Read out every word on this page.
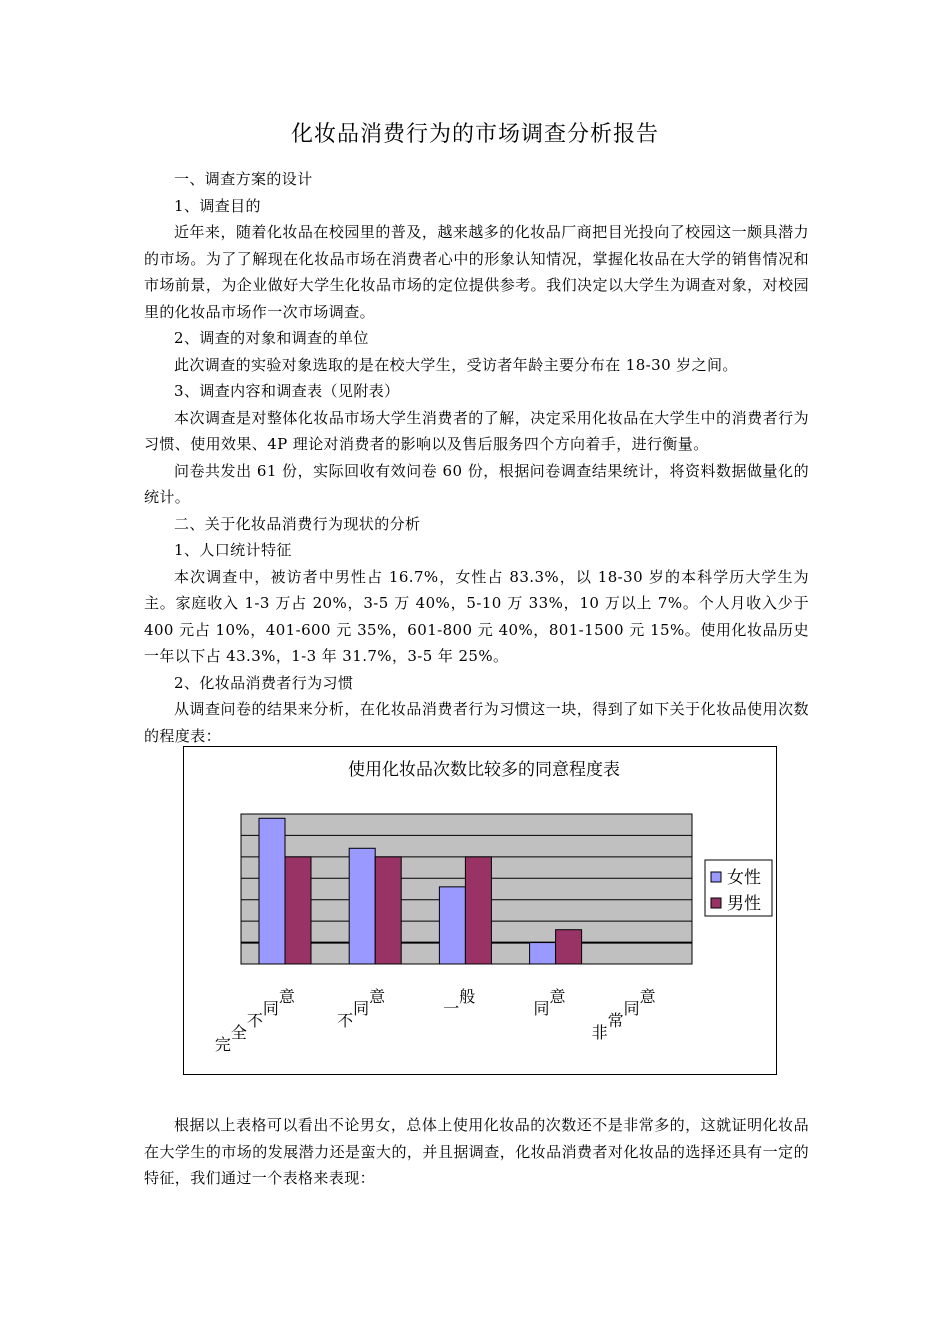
化妆品消费行为的市场调查分析报告

一、调查方案的设计

1、调查目的

近年来，随着化妆品在校园里的普及，越来越多的化妆品厂商把目光投向了校园这一颇具潜力的市场。为了了解现在化妆品市场在消费者心中的形象认知情况，掌握化妆品在大学的销售情况和市场前景，为企业做好大学生化妆品市场的定位提供参考。我们决定以大学生为调查对象，对校园里的化妆品市场作一次市场调查。

2、调查的对象和调查的单位

此次调查的实验对象选取的是在校大学生，受访者年龄主要分布在 18-30 岁之间。

3、调查内容和调查表（见附表）

本次调查是对整体化妆品市场大学生消费者的了解，决定采用化妆品在大学生中的消费者行为习惯、使用效果、4P 理论对消费者的影响以及售后服务四个方向着手，进行衡量。

问卷共发出 61 份，实际回收有效问卷 60 份，根据问卷调查结果统计，将资料数据做量化的统计。

二、关于化妆品消费行为现状的分析

1、人口统计特征

本次调查中，被访者中男性占 16.7%，女性占 83.3%，以 18-30 岁的本科学历大学生为主。家庭收入 1-3 万占 20%，3-5 万 40%，5-10 万 33%，10 万以上 7%。个人月收入少于 400 元占 10%，401-600 元 35%，601-800 元 40%，801-1500 元 15%。使用化妆品历史一年以下占 43.3%，1-3 年 31.7%，3-5 年 25%。

2、化妆品消费者行为习惯

从调查问卷的结果来分析，在化妆品消费者行为习惯这一块，得到了如下关于化妆品使用次数的程度表：

使用化妆品次数比较多的同意程度表
完
全
不
同
意
不
同
意
一
般
同
意
非
常
同
意
女性
男性

根据以上表格可以看出不论男女，总体上使用化妆品的次数还不是非常多的，这就证明化妆品在大学生的市场的发展潜力还是蛮大的，并且据调查，化妆品消费者对化妆品的选择还具有一定的特征，我们通过一个表格来表现：
